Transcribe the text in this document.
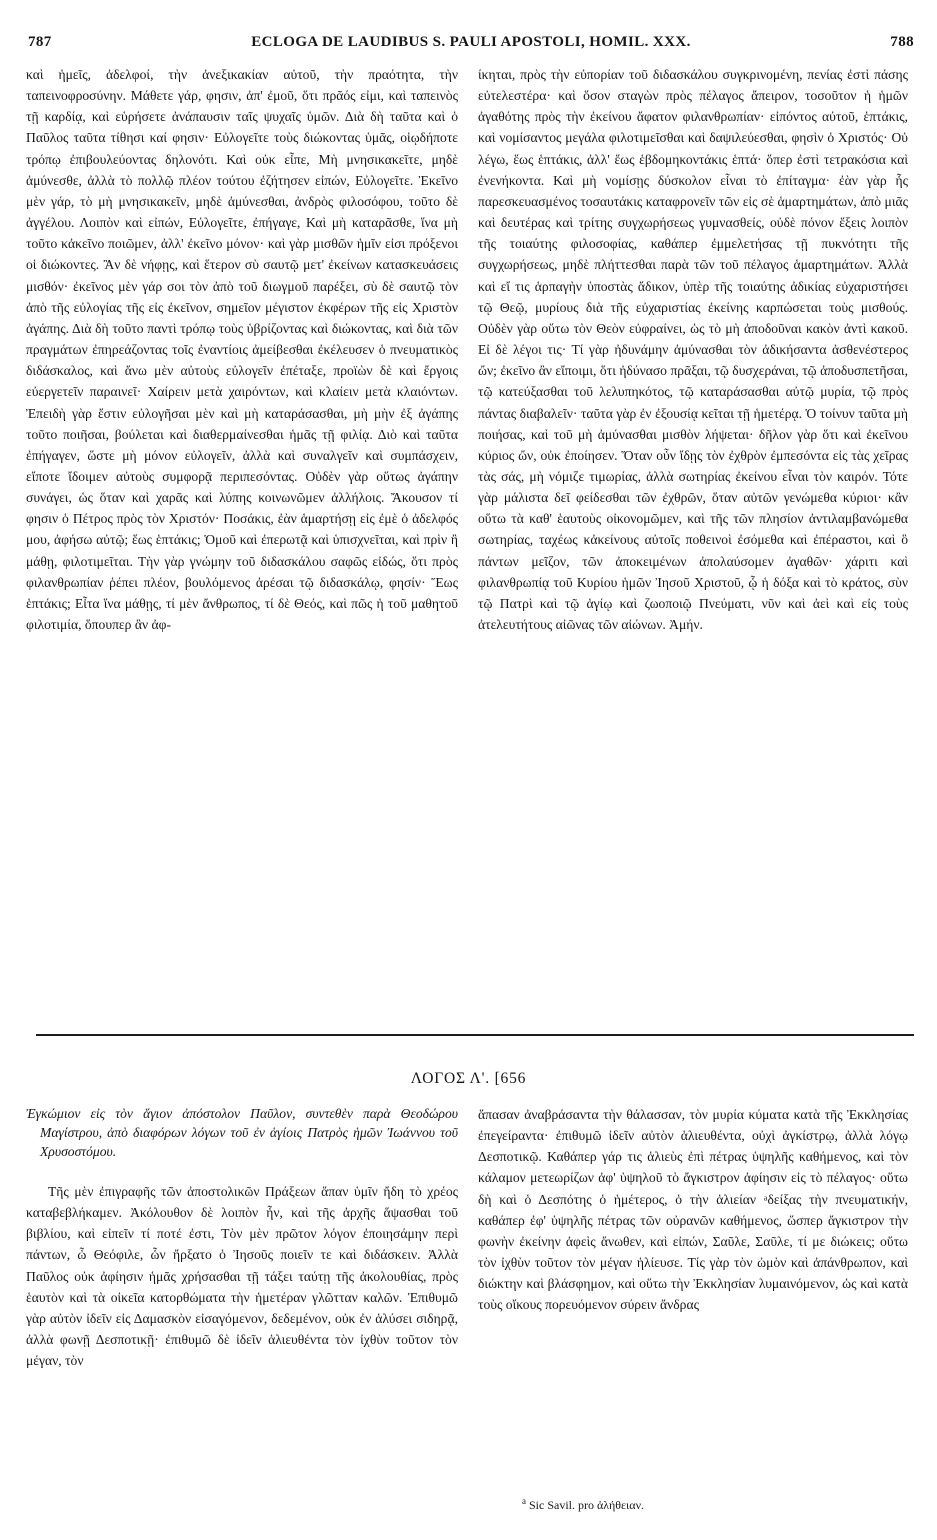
787	ECLOGA DE LAUDIBUS S. PAULI APOSTOLI, HOMIL. XXX.	788

καὶ ἡμεῖς, ἀδελφοί, τὴν ἀνεξικακίαν αὐτοῦ, τὴν πραότητα, τὴν ταπεινοφροσύνην. Μάθετε γάρ, φησιν, ἀπ' ἐμοῦ, ὅτι πρᾶός εἰμι, καὶ ταπεινὸς τῇ καρδίᾳ, καὶ εὑρήσετε ἀνάπαυσιν ταῖς ψυχαῖς ὑμῶν. Διὰ δὴ ταῦτα καὶ ὁ Παῦλος ταῦτα τίθησι καί φησιν· Εὐλογεῖτε τοὺς διώκοντας ὑμᾶς, οἱῳδήποτε τρόπῳ ἐπιβουλεύοντας δηλονότι. Καὶ οὐκ εἶπε, Μὴ μνησικακεῖτε, μηδὲ ἀμύνεσθε, ἀλλὰ τὸ πολλῷ πλέον τούτου ἐζήτησεν εἰπών, Εὐλογεῖτε. Ἐκεῖνο μὲν γάρ, τὸ μὴ μνησικακεῖν, μηδὲ ἀμύνεσθαι, ἀνδρὸς φιλοσόφου, τοῦτο δὲ ἀγγέλου. Λοιπὸν καὶ εἰπών, Εὐλογεῖτε, ἐπήγαγε, Καὶ μὴ καταρᾶσθε, ἵνα μὴ τοῦτο κἀκεῖνο ποιῶμεν, ἀλλ' ἐκεῖνο μόνον· καὶ γὰρ μισθῶν ἡμῖν εἰσι πρόξενοι οἱ διώκοντες. Ἂν δὲ νήφῃς, καὶ ἕτερον σὺ σαυτῷ μετ' ἐκείνων κατασκευάσεις μισθόν· ἐκεῖνος μὲν γάρ σοι τὸν ἀπὸ τοῦ διωγμοῦ παρέξει, σὺ δὲ σαυτῷ τὸν ἀπὸ τῆς εὐλογίας τῆς εἰς ἐκεῖνον, σημεῖον μέγιστον ἐκφέρων τῆς εἰς Χριστὸν ἀγάπης. Διὰ δὴ τοῦτο παντὶ τρόπῳ τοὺς ὑβρίζοντας καὶ διώκοντας, καὶ διὰ τῶν πραγμάτων ἐπηρεάζοντας τοῖς ἐναντίοις ἀμείβεσθαι ἐκέλευσεν ὁ πνευματικὸς διδάσκαλος, καὶ ἄνω μὲν αὐτοὺς εὐλογεῖν ἐπέταξε, προϊὼν δὲ καὶ ἔργοις εὐεργετεῖν παραινεῖ· Χαίρειν μετὰ χαιρόντων, καὶ κλαίειν μετὰ κλαιόντων. Ἐπειδὴ γὰρ ἔστιν εὐλογῆσαι μὲν καὶ μὴ καταράσασθαι, μὴ μὴν ἐξ ἀγάπης τοῦτο ποιῆσαι, βούλεται καὶ διαθερμαίνεσθαι ἡμᾶς τῇ φιλίᾳ. Διὸ καὶ ταῦτα ἐπήγαγεν, ὥστε μὴ μόνον εὐλογεῖν, ἀλλὰ καὶ συναλγεῖν καὶ συμπάσχειν, εἴποτε ἴδοιμεν αὐτοὺς συμφορᾷ περιπεσόντας. Οὐδὲν γὰρ οὕτως ἀγάπην συνάγει, ὡς ὅταν καὶ χαρᾶς καὶ λύπης κοινωνῶμεν ἀλλήλοις. Ἄκουσον τί φησιν ὁ Πέτρος πρὸς τὸν Χριστόν· Ποσάκις, ἐὰν ἁμαρτήσῃ εἰς ἐμὲ ὁ ἀδελφός μου, ἀφήσω αὐτῷ; ἕως ἑπτάκις; Ὁμοῦ καὶ ἐπερωτᾷ καὶ ὑπισχνεῖται, καὶ πρὶν ἢ μάθῃ, φιλοτιμεῖται. Τὴν γὰρ γνώμην τοῦ διδασκάλου σαφῶς εἰδώς, ὅτι πρὸς φιλανθρωπίαν ῥέπει πλέον, βουλόμενος ἀρέσαι τῷ διδασκάλῳ, φησίν· Ἕως ἑπτάκις; Εἶτα ἵνα μάθῃς, τί μὲν ἄνθρωπος, τί δὲ Θεός, καὶ πῶς ἡ τοῦ μαθητοῦ φιλοτιμία, ὅπουπερ ἂν ἀφ-

ίκηται, πρὸς τὴν εὐπορίαν τοῦ διδασκάλου συγκρινομένη, πενίας ἐστὶ πάσης εὐτελεστέρα· καὶ ὅσον σταγὼν πρὸς πέλαγος ἄπειρον, τοσοῦτον ἡ ἡμῶν ἀγαθότης πρὸς τὴν ἐκείνου ἄφατον φιλανθρωπίαν· εἰπόντος αὐτοῦ, ἑπτάκις, καὶ νομίσαντος μεγάλα φιλοτιμεῖσθαι καὶ δαψιλεύεσθαι, φησὶν ὁ Χριστός· Οὐ λέγω, ἕως ἑπτάκις, ἀλλ' ἕως ἑβδομηκοντάκις ἑπτά· ὅπερ ἐστὶ τετρακόσια καὶ ἐνενήκοντα. Καὶ μὴ νομίσῃς δύσκολον εἶναι τὸ ἐπίταγμα· ἐὰν γὰρ ἧς παρεσκευασμένος τοσαυτάκις καταφρονεῖν τῶν εἰς σὲ ἁμαρτημάτων, ἀπὸ μιᾶς καὶ δευτέρας καὶ τρίτης συγχωρήσεως γυμνασθείς, οὐδὲ πόνον ἕξεις λοιπὸν τῆς τοιαύτης φιλοσοφίας, καθάπερ ἐμμελετήσας τῇ πυκνότητι τῆς συγχωρήσεως, μηδὲ πλήττεσθαι παρὰ τῶν τοῦ πέλαγος ἁμαρτημάτων. Ἀλλὰ καὶ εἴ τις ἁρπαγὴν ὑποστὰς ἄδικον, ὑπὲρ τῆς τοιαύτης ἀδικίας εὐχαριστήσει τῷ Θεῷ, μυρίους διὰ τῆς εὐχαριστίας ἐκείνης καρπώσεται τοὺς μισθούς. Οὐδὲν γὰρ οὕτω τὸν Θεὸν εὐφραίνει, ὡς τὸ μὴ ἀποδοῦναι κακὸν ἀντὶ κακοῦ. Εἰ δὲ λέγοι τις· Τί γὰρ ἠδυνάμην ἀμύνασθαι τὸν ἀδικήσαντα ἀσθενέστερος ὤν; ἐκεῖνο ἂν εἴποιμι, ὅτι ἠδύνασο πρᾶξαι, τῷ δυσχεράναι, τῷ ἀποδυσπετῆσαι, τῷ κατεύξασθαι τοῦ λελυπηκότος, τῷ καταράσασθαι αὐτῷ μυρία, τῷ πρὸς πάντας διαβαλεῖν· ταῦτα γὰρ ἐν ἐξουσίᾳ κεῖται τῇ ἡμετέρᾳ. Ὁ τοίνυν ταῦτα μὴ ποιήσας, καὶ τοῦ μὴ ἀμύνασθαι μισθὸν λήψεται· δῆλον γὰρ ὅτι καὶ ἐκεῖνου κύριος ὤν, οὐκ ἐποίησεν. Ὅταν οὖν ἴδῃς τὸν ἐχθρὸν ἐμπεσόντα εἰς τὰς χεῖρας τὰς σάς, μὴ νόμιζε τιμωρίας, ἀλλὰ σωτηρίας ἐκείνου εἶναι τὸν καιρόν. Τότε γὰρ μάλιστα δεῖ φείδεσθαι τῶν ἐχθρῶν, ὅταν αὐτῶν γενώμεθα κύριοι· κἂν οὕτω τὰ καθ' ἑαυτοὺς οἰκονομῶμεν, καὶ τῆς τῶν πλησίον ἀντιλαμβανώμεθα σωτηρίας, ταχέως κἀκείνους αὐτοῖς ποθεινοὶ ἐσόμεθα καὶ ἐπέραστοι, καὶ ὃ πάντων μεῖζον, τῶν ἀποκειμένων ἀπολαύσομεν ἀγαθῶν· χάριτι καὶ φιλανθρωπίᾳ τοῦ Κυρίου ἡμῶν Ἰησοῦ Χριστοῦ, ᾧ ἡ δόξα καὶ τὸ κράτος, σὺν τῷ Πατρὶ καὶ τῷ ἁγίῳ καὶ ζωοποιῷ Πνεύματι, νῦν καὶ ἀεὶ καὶ εἰς τοὺς ἀτελευτήτους αἰῶνας τῶν αἰώνων. Ἀμήν.

ΛΟΓΟΣ Λ'. [656

Ἐγκώμιον εἰς τὸν ἅγιον ἀπόστολον Παῦλον, συντεθὲν παρὰ Θεοδώρου Μαγίστρου, ἀπὸ διαφόρων λόγων τοῦ ἐν ἁγίοις Πατρὸς ἡμῶν Ἰωάννου τοῦ Χρυσοστόμου.

Τῆς μὲν ἐπιγραφῆς τῶν ἀποστολικῶν Πράξεων ἅπαν ὑμῖν ἤδη τὸ χρέος καταβεβλήκαμεν. Ἀκόλουθον δὲ λοιπὸν ἦν, καὶ τῆς ἀρχῆς ἅψασθαι τοῦ βιβλίου, καὶ εἰπεῖν τί ποτέ ἐστι, Τὸν μὲν πρῶτον λόγον ἐποιησάμην περὶ πάντων, ὦ Θεόφιλε, ὧν ἤρξατο ὁ Ἰησοῦς ποιεῖν τε καὶ διδάσκειν. Ἀλλὰ Παῦλος οὐκ ἀφίησιν ἡμᾶς χρήσασθαι τῇ τάξει ταύτῃ τῆς ἀκολουθίας, πρὸς ἑαυτὸν καὶ τὰ οἰκεῖα κατορθώματα τὴν ἡμετέραν γλῶτταν καλῶν. Ἐπιθυμῶ γὰρ αὐτὸν ἰδεῖν εἰς Δαμασκὸν εἰσαγόμενον, δεδεμένον, οὐκ ἐν ἁλύσει σιδηρᾷ, ἀλλὰ φωνῇ Δεσποτικῇ· ἐπιθυμῶ δὲ ἰδεῖν ἁλιευθέντα τὸν ἰχθὺν τοῦτον τὸν μέγαν, τὸν

ἅπασαν ἀναβράσαντα τὴν θάλασσαν, τὸν μυρία κύματα κατὰ τῆς Ἐκκλησίας ἐπεγείραντα· ἐπιθυμῶ ἰδεῖν αὐτὸν ἁλιευθέντα, οὐχὶ ἀγκίστρῳ, ἀλλὰ λόγῳ Δεσποτικῷ. Καθάπερ γάρ τις ἁλιεὺς ἐπὶ πέτρας ὑψηλῆς καθήμενος, καὶ τὸν κάλαμον μετεωρίζων ἀφ' ὑψηλοῦ τὸ ἄγκιστρον ἀφίησιν εἰς τὸ πέλαγος· οὕτω δὴ καὶ ὁ Δεσπότης ὁ ἡμέτερος, ὁ τὴν ἁλιείαν ᵃδείξας τὴν πνευματικήν, καθάπερ ἐφ' ὑψηλῆς πέτρας τῶν οὐρανῶν καθήμενος, ὥσπερ ἄγκιστρον τὴν φωνὴν ἐκείνην ἀφεὶς ἄνωθεν, καὶ εἰπών, Σαῦλε, Σαῦλε, τί με διώκεις; οὕτω τὸν ἰχθὺν τοῦτον τὸν μέγαν ἡλίευσε. Τίς γὰρ τὸν ὠμὸν καὶ ἀπάνθρωπον, καὶ διώκτην καὶ βλάσφημον, καὶ οὕτω τὴν Ἐκκλησίαν λυμαινόμενον, ὡς καὶ κατὰ τοὺς οἴκους πορευόμενον σύρειν ἄνδρας

$^a$ Sic Savil. pro ἀλήθειαν.
